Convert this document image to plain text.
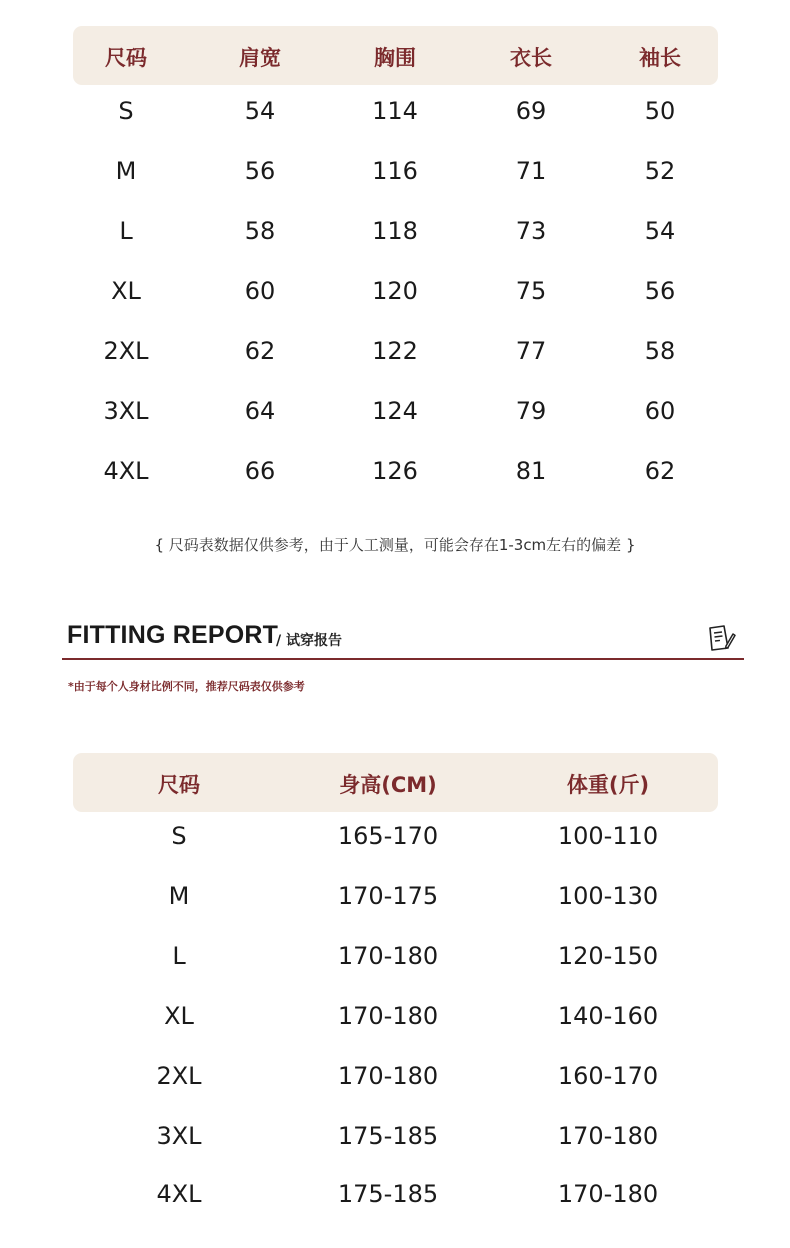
尺码	肩宽	胸围	衣长	袖长
S	54	114	69	50
M	56	116	71	52
L	58	118	73	54
XL	60	120	75	56
2XL	62	122	77	58
3XL	64	124	79	60
4XL	66	126	81	62
{ 尺码表数据仅供参考，由于人工测量，可能会存在1-3cm左右的偏差 }
FITTING REPORT
/ 试穿报告
*由于每个人身材比例不同，推荐尺码表仅供参考
尺码	身高(CM)	体重(斤)
S	165-170	100-110
M	170-175	100-130
L	170-180	120-150
XL	170-180	140-160
2XL	170-180	160-170
3XL	175-185	170-180
4XL	175-185	170-180
